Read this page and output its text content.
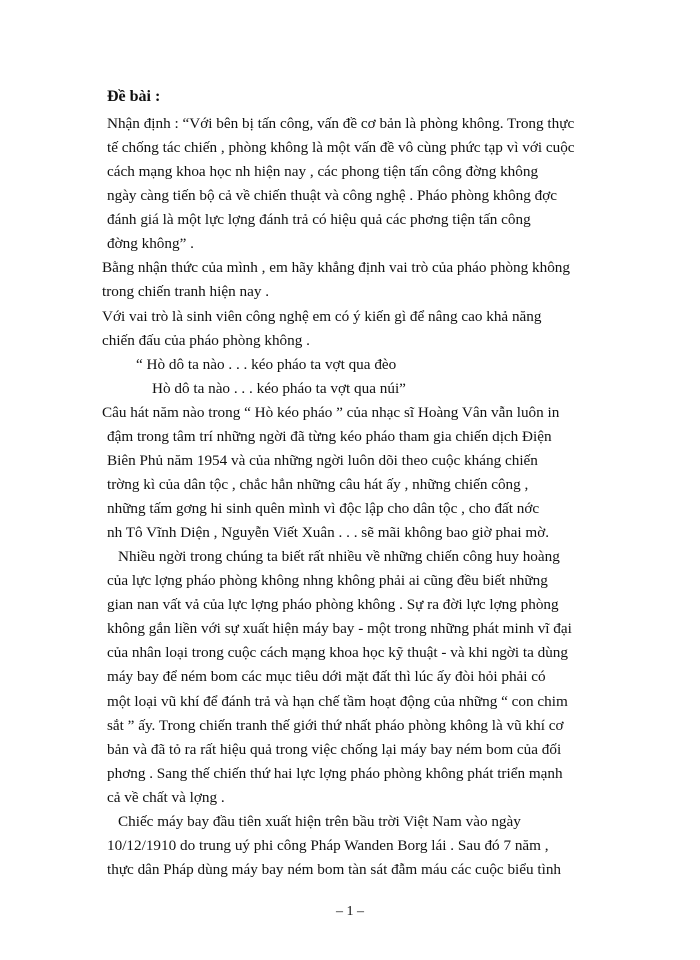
Đề bài :
Nhận định : “Với bên bị tấn công, vấn đề cơ bản là phòng không. Trong thực
tế chống tác chiến , phòng không là một vấn đề vô cùng phức tạp vì với cuộc
cách mạng khoa học nh hiện nay , các phong tiện tấn công đờng không
ngày càng tiến bộ cả về chiến thuật và công nghệ . Pháo phòng không đợc
đánh giá là một lực lợng đánh trả có hiệu quả các phơng tiện tấn công
đờng không” .
Bằng nhận thức của mình , em hãy khẳng định vai trò của pháo phòng không
trong chiến tranh hiện nay .
Với vai trò là sinh viên công nghệ em có ý kiến gì để nâng cao khả năng
chiến đấu của pháo phòng không .
“ Hò dô ta nào . . . kéo pháo ta vợt qua đèo
Hò dô ta nào . . . kéo pháo ta vợt qua núi”
Câu hát năm nào trong “ Hò kéo pháo ” của nhạc sĩ Hoàng Vân vẫn luôn in
đậm trong tâm trí những ngời đã từng kéo pháo tham gia chiến dịch Điện
Biên Phủ năm 1954 và của những ngời luôn dõi theo cuộc kháng chiến
trờng kì của dân tộc , chắc hẳn những câu hát ấy , những chiến công ,
những tấm gơng hi sinh quên mình vì độc lập cho dân tộc , cho đất nớc
nh Tô Vĩnh Diện , Nguyễn Viết Xuân . . . sẽ mãi không bao giờ phai mờ.
Nhiều ngời trong chúng ta biết rất nhiều về những chiến công huy hoàng
của lực lợng pháo phòng không nhng không phải ai cũng đều biết những
gian nan vất vả của lực lợng pháo phòng không . Sự ra đời lực lợng phòng
không gắn liền với sự xuất hiện máy bay - một trong những phát minh vĩ đại
của nhân loại trong cuộc cách mạng khoa học kỹ thuật - và khi ngời ta dùng
máy bay để ném bom các mục tiêu dới mặt đất thì lúc ấy đòi hỏi phải có
một loại vũ khí để đánh trả và hạn chế tầm hoạt động của những “ con chim
sắt ” ấy. Trong chiến tranh thế giới thứ nhất pháo phòng không là vũ khí cơ
bản và đã tỏ ra rất hiệu quả trong việc chống lại máy bay ném bom của đối
phơng . Sang thế chiến thứ hai lực lợng pháo phòng không phát triển mạnh
cả về chất và lợng .
Chiếc máy bay đầu tiên xuất hiện trên bầu trời Việt Nam vào ngày
10/12/1910 do trung uý phi công Pháp Wanden Borg lái . Sau đó 7 năm ,
thực dân Pháp dùng máy bay ném bom tàn sát đẫm máu các cuộc biểu tình
– 1 –
